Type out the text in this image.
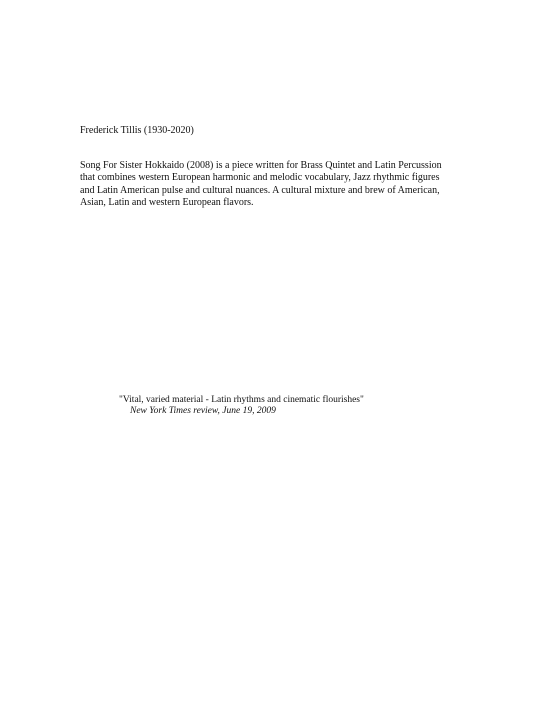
Frederick Tillis (1930-2020)

Song For Sister Hokkaido (2008) is a piece written for Brass Quintet and Latin Percussion
that combines western European harmonic and melodic vocabulary, Jazz rhythmic figures
and Latin American pulse and cultural nuances. A cultural mixture and brew of American,
Asian, Latin and western European flavors.

"Vital, varied material - Latin rhythms and cinematic flourishes"
New York Times review, June 19, 2009
